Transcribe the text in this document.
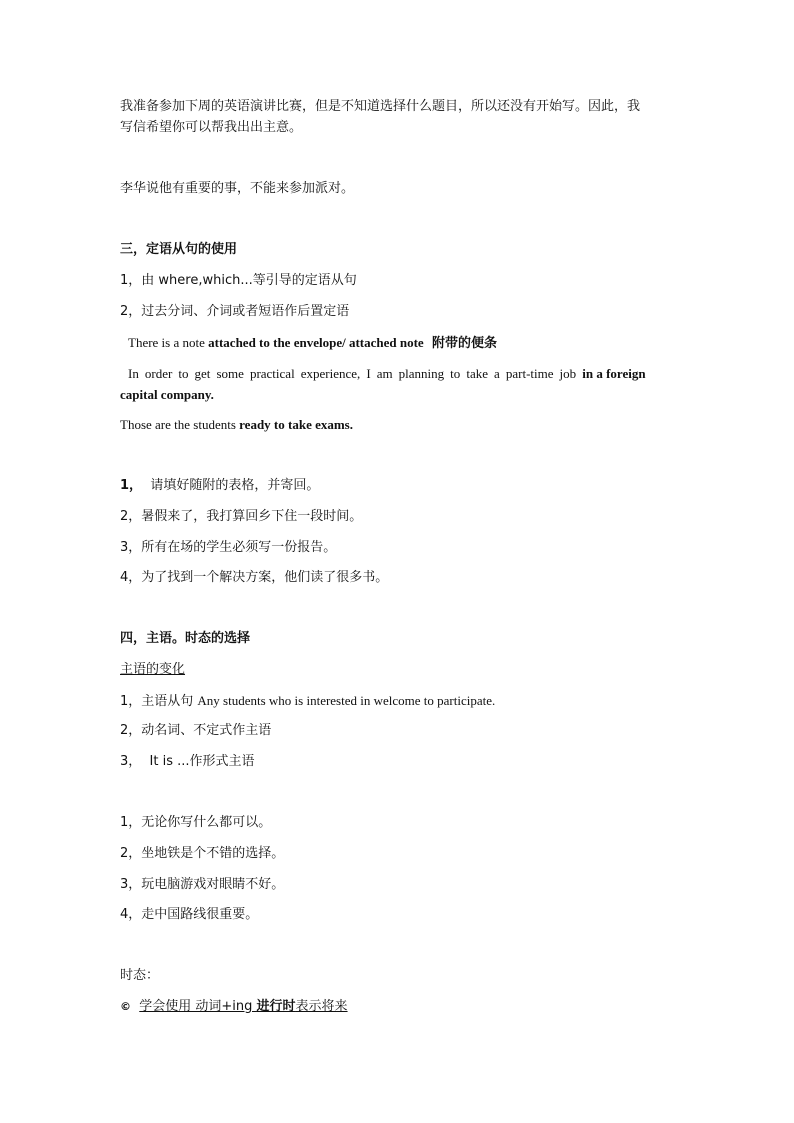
我准备参加下周的英语演讲比赛，但是不知道选择什么题目，所以还没有开始写。因此，我
写信希望你可以帮我出出主意。
李华说他有重要的事，不能来参加派对。
三，定语从句的使用
1，由 where,which...等引导的定语从句
2，过去分词、介词或者短语作后置定语
There is a note attached to the envelope/ attached note 附带的便条
In order to get some practical experience, I am planning to take a part-time job in a foreign
capital company.
Those are the students ready to take exams.
1， 请填好随附的表格，并寄回。
2，暑假来了，我打算回乡下住一段时间。
3，所有在场的学生必须写一份报告。
4，为了找到一个解决方案，他们读了很多书。
四，主语。时态的选择
主语的变化
1，主语从句 Any students who is interested in welcome to participate.
2，动名词、不定式作主语
3， It is ...作形式主语
1，无论你写什么都可以。
2，坐地铁是个不错的选择。
3，玩电脑游戏对眼睛不好。
4，走中国路线很重要。
时态：
© 学会使用 动词+ing 进行时表示将来
